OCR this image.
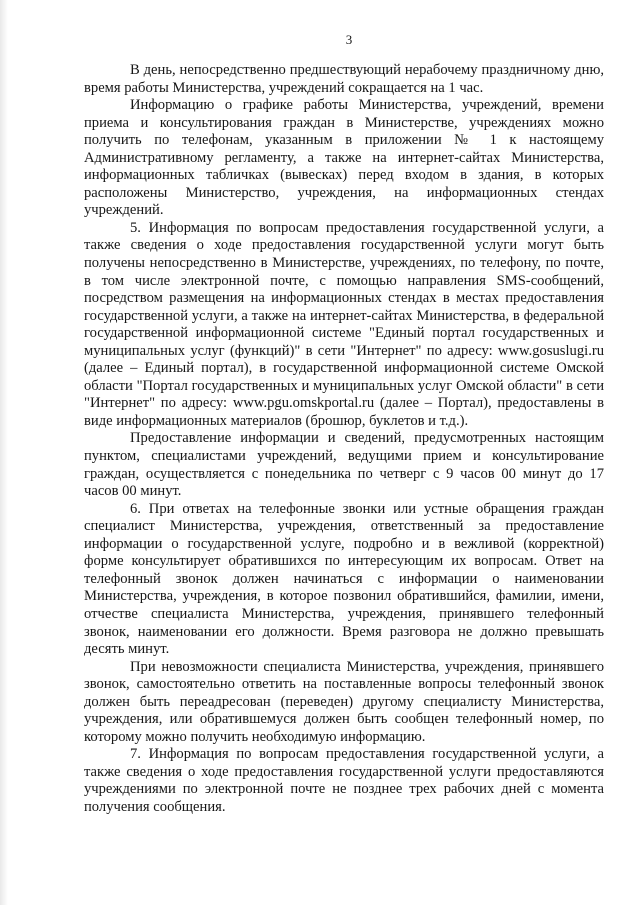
3

В день, непосредственно предшествующий нерабочему праздничному дню, время работы Министерства, учреждений сокращается на 1 час.

Информацию о графике работы Министерства, учреждений, времени приема и консультирования граждан в Министерстве, учреждениях можно получить по телефонам, указанным в приложении № 1 к настоящему Административному регламенту, а также на интернет-сайтах Министерства, информационных табличках (вывесках) перед входом в здания, в которых расположены Министерство, учреждения, на информационных стендах учреждений.

5. Информация по вопросам предоставления государственной услуги, а также сведения о ходе предоставления государственной услуги могут быть получены непосредственно в Министерстве, учреждениях, по телефону, по почте, в том числе электронной почте, с помощью направления SMS-сообщений, посредством размещения на информационных стендах в местах предоставления государственной услуги, а также на интернет-сайтах Министерства, в федеральной государственной информационной системе "Единый портал государственных и муниципальных услуг (функций)" в сети "Интернет" по адресу: www.gosuslugi.ru (далее – Единый портал), в государственной информационной системе Омской области "Портал государственных и муниципальных услуг Омской области" в сети "Интернет" по адресу: www.pgu.omskportal.ru (далее – Портал), предоставлены в виде информационных материалов (брошюр, буклетов и т.д.).

Предоставление информации и сведений, предусмотренных настоящим пунктом, специалистами учреждений, ведущими прием и консультирование граждан, осуществляется с понедельника по четверг с 9 часов 00 минут до 17 часов 00 минут.

6. При ответах на телефонные звонки или устные обращения граждан специалист Министерства, учреждения, ответственный за предоставление информации о государственной услуге, подробно и в вежливой (корректной) форме консультирует обратившихся по интересующим их вопросам. Ответ на телефонный звонок должен начинаться с информации о наименовании Министерства, учреждения, в которое позвонил обратившийся, фамилии, имени, отчестве специалиста Министерства, учреждения, принявшего телефонный звонок, наименовании его должности. Время разговора не должно превышать десять минут.

При невозможности специалиста Министерства, учреждения, принявшего звонок, самостоятельно ответить на поставленные вопросы телефонный звонок должен быть переадресован (переведен) другому специалисту Министерства, учреждения, или обратившемуся должен быть сообщен телефонный номер, по которому можно получить необходимую информацию.

7. Информация по вопросам предоставления государственной услуги, а также сведения о ходе предоставления государственной услуги предоставляются учреждениями по электронной почте не позднее трех рабочих дней с момента получения сообщения.
